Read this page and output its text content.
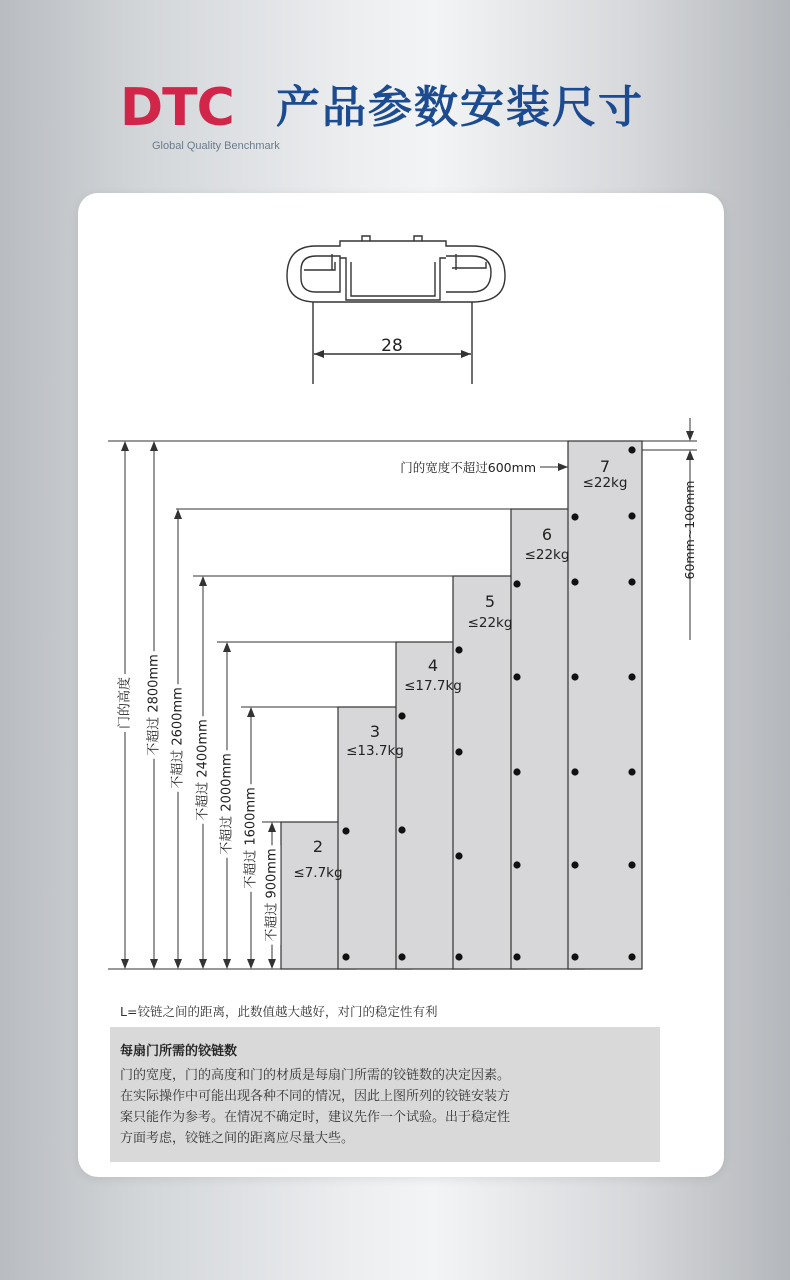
DTC
Global Quality Benchmark
产品参数安装尺寸
28
2
≤7.7kg
3
≤13.7kg
4
≤17.7kg
5
≤22kg
6
≤22kg
7
≤22kg
门的高度 不超过 2800mm 不超过 2600mm 不超过 2400mm 不超过 2000mm 不超过 1600mm
不超过 900mm
门的宽度不超过600mm
60mm~100mm
L=铰链之间的距离，此数值越大越好，对门的稳定性有利
每扇门所需的铰链数
门的宽度，门的高度和门的材质是每扇门所需的铰链数的决定因素。在实际操作中可能出现各种不同的情况，因此上图所列的铰链安装方案只能作为参考。在情况不确定时，建议先作一个试验。出于稳定性方面考虑，铰链之间的距离应尽量大些。
